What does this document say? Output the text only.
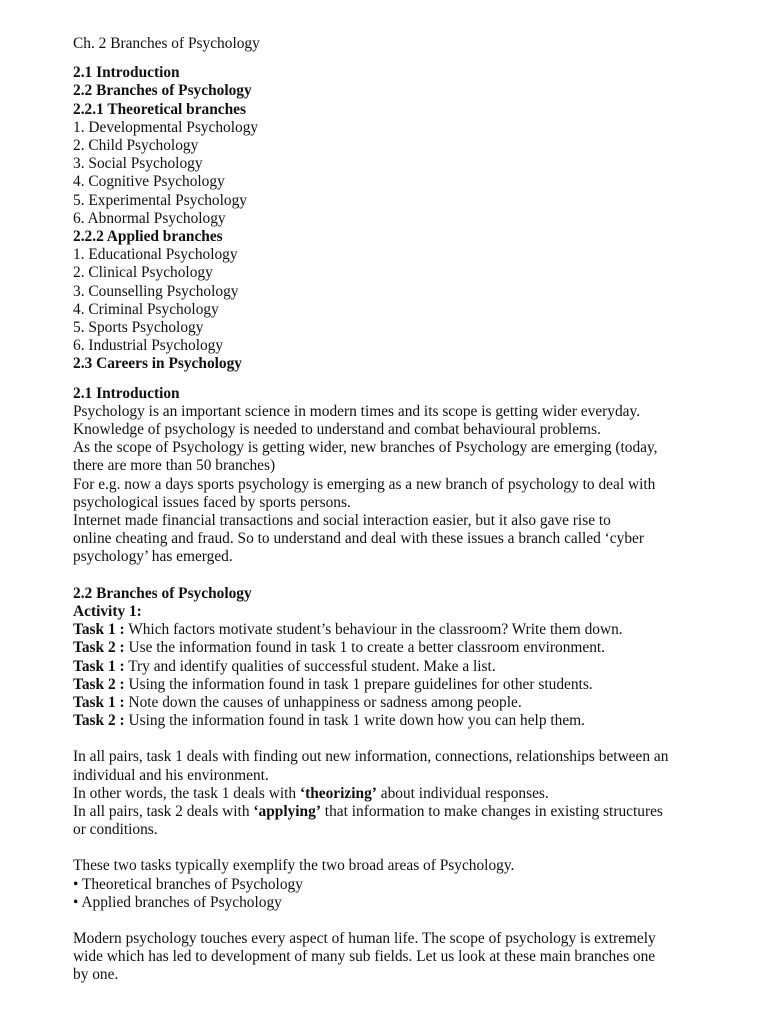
Ch. 2 Branches of Psychology
2.1 Introduction
2.2 Branches of Psychology
2.2.1 Theoretical branches
1. Developmental Psychology
2. Child Psychology
3. Social Psychology
4. Cognitive Psychology
5. Experimental Psychology
6. Abnormal Psychology
2.2.2 Applied branches
1. Educational Psychology
2. Clinical Psychology
3. Counselling Psychology
4. Criminal Psychology
5. Sports Psychology
6. Industrial Psychology
2.3 Careers in Psychology
2.1 Introduction
Psychology is an important science in modern times and its scope is getting wider everyday.
Knowledge of psychology is needed to understand and combat behavioural problems.
As the scope of Psychology is getting wider, new branches of Psychology are emerging (today,
there are more than 50 branches)
For e.g. now a days sports psychology is emerging as a new branch of psychology to deal with
psychological issues faced by sports persons.
Internet made financial transactions and social interaction easier, but it also gave rise to
online cheating and fraud. So to understand and deal with these issues a branch called ‘cyber
psychology’ has emerged.
2.2 Branches of Psychology
Activity 1:
Task 1 : Which factors motivate student’s behaviour in the classroom? Write them down.
Task 2 : Use the information found in task 1 to create a better classroom environment.
Task 1 : Try and identify qualities of successful student. Make a list.
Task 2 : Using the information found in task 1 prepare guidelines for other students.
Task 1 : Note down the causes of unhappiness or sadness among people.
Task 2 : Using the information found in task 1 write down how you can help them.
In all pairs, task 1 deals with finding out new information, connections, relationships between an
individual and his environment.
In other words, the task 1 deals with ‘theorizing’ about individual responses.
In all pairs, task 2 deals with ‘applying’ that information to make changes in existing structures
or conditions.
These two tasks typically exemplify the two broad areas of Psychology.
• Theoretical branches of Psychology
• Applied branches of Psychology
Modern psychology touches every aspect of human life. The scope of psychology is extremely
wide which has led to development of many sub fields. Let us look at these main branches one
by one.
